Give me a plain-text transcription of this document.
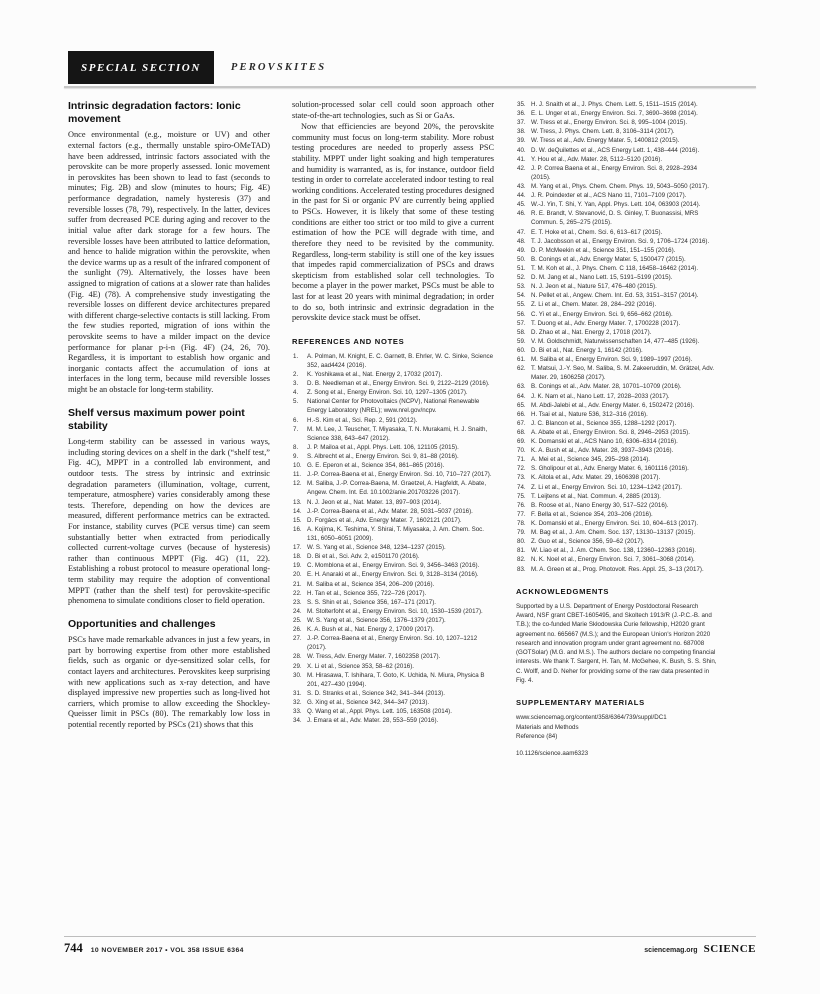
SPECIAL SECTION	PEROVSKITES
Intrinsic degradation factors: Ionic movement

Once environmental (e.g., moisture or UV) and other external factors (e.g., thermally unstable spiro-OMeTAD) have been addressed, intrinsic factors associated with the perovskite can be more properly assessed. Ionic movement in perovskites has been shown to lead to fast (seconds to minutes; Fig. 2B) and slow (minutes to hours; Fig. 4E) performance degradation, namely hysteresis (37) and reversible losses (78, 79), respectively. In the latter, devices suffer from decreased PCE during aging and recover to the initial value after dark storage for a few hours. The reversible losses have been attributed to lattice deformation, and hence to halide migration within the perovskite, when the device warms up as a result of the infrared component of the sunlight (79). Alternatively, the losses have been assigned to migration of cations at a slower rate than halides (Fig. 4E) (78). A comprehensive study investigating the reversible losses on different device architectures prepared with different charge-selective contacts is still lacking. From the few studies reported, migration of ions within the perovskite seems to have a milder impact on the device performance for planar p-i-n (Fig. 4F) (24, 26, 70). Regardless, it is important to establish how organic and inorganic contacts affect the accumulation of ions at interfaces in the long term, because mild reversible losses might be an obstacle for long-term stability.

Shelf versus maximum power point stability

Long-term stability can be assessed in various ways, including storing devices on a shelf in the dark (“shelf test,” Fig. 4C), MPPT in a controlled lab environment, and outdoor tests. The stress by intrinsic and extrinsic degradation parameters (illumination, voltage, current, temperature, atmosphere) varies considerably among these tests. Therefore, depending on how the devices are measured, different performance metrics can be extracted. For instance, stability curves (PCE versus time) can seem substantially better when extracted from periodically collected current-voltage curves (because of hysteresis) rather than continuous MPPT (Fig. 4G) (11, 22). Establishing a robust protocol to measure operational long-term stability may require the adoption of conventional MPPT (rather than the shelf test) for perovskite-specific phenomena to simulate conditions closer to field operation.

Opportunities and challenges

PSCs have made remarkable advances in just a few years, in part by borrowing expertise from other more established fields, such as organic or dye-sensitized solar cells, for contact layers and architectures. Perovskites keep surprising with new applications such as x-ray detection, and have displayed impressive new properties such as long-lived hot carriers, which promise to allow exceeding the Shockley-Queisser limit in PSCs (80). The remarkably low loss in potential recently reported by PSCs (21) shows that this

solution-processed solar cell could soon approach other state-of-the-art technologies, such as Si or GaAs.

Now that efficiencies are beyond 20%, the perovskite community must focus on long-term stability. More robust testing procedures are needed to properly assess PSC stability. MPPT under light soaking and high temperatures and humidity is warranted, as is, for instance, outdoor field testing in order to correlate accelerated indoor testing to real working conditions. Accelerated testing procedures designed in the past for Si or organic PV are currently being applied to PSCs. However, it is likely that some of these testing conditions are either too strict or too mild to give a current estimation of how the PCE will degrade with time, and therefore they need to be revisited by the community. Regardless, long-term stability is still one of the key issues that impedes rapid commercialization of PSCs and draws skepticism from established solar cell technologies. To become a player in the power market, PSCs must be able to last for at least 20 years with minimal degradation; in order to do so, both intrinsic and extrinsic degradation in the perovskite device stack must be offset.

REFERENCES AND NOTES
1. A. Polman, M. Knight, E. C. Garnett, B. Ehrler, W. C. Sinke, Science 352, aad4424 (2016).
2. K. Yoshikawa et al., Nat. Energy 2, 17032 (2017).
3. D. B. Needleman et al., Energy Environ. Sci. 9, 2122–2129 (2016).
4. Z. Song et al., Energy Environ. Sci. 10, 1297–1305 (2017).
5. National Center for Photovoltaics (NCPV), National Renewable Energy Laboratory (NREL); www.nrel.gov/ncpv.
6. H.-S. Kim et al., Sci. Rep. 2, 591 (2012).
7. M. M. Lee, J. Teuscher, T. Miyasaka, T. N. Murakami, H. J. Snaith, Science 338, 643–647 (2012).
8. J. P. Mailoa et al., Appl. Phys. Lett. 106, 121105 (2015).
9. S. Albrecht et al., Energy Environ. Sci. 9, 81–88 (2016).
10. G. E. Eperon et al., Science 354, 861–865 (2016).
11. J.-P. Correa-Baena et al., Energy Environ. Sci. 10, 710–727 (2017).
12. M. Saliba, J.-P. Correa-Baena, M. Graetzel, A. Hagfeldt, A. Abate, Angew. Chem. Int. Ed. 10.1002/anie.201703226 (2017).
13. N. J. Jeon et al., Nat. Mater. 13, 897–903 (2014).
14. J.-P. Correa-Baena et al., Adv. Mater. 28, 5031–5037 (2016).
15. D. Forgács et al., Adv. Energy Mater. 7, 1602121 (2017).
16. A. Kojima, K. Teshima, Y. Shirai, T. Miyasaka, J. Am. Chem. Soc. 131, 6050–6051 (2009).
17. W. S. Yang et al., Science 348, 1234–1237 (2015).
18. D. Bi et al., Sci. Adv. 2, e1501170 (2016).
19. C. Momblona et al., Energy Environ. Sci. 9, 3456–3463 (2016).
20. E. H. Anaraki et al., Energy Environ. Sci. 9, 3128–3134 (2016).
21. M. Saliba et al., Science 354, 206–209 (2016).
22. H. Tan et al., Science 355, 722–726 (2017).
23. S. S. Shin et al., Science 356, 167–171 (2017).
24. M. Stolterfoht et al., Energy Environ. Sci. 10, 1530–1539 (2017).
25. W. S. Yang et al., Science 356, 1376–1379 (2017).
26. K. A. Bush et al., Nat. Energy 2, 17009 (2017).
27. J.-P. Correa-Baena et al., Energy Environ. Sci. 10, 1207–1212 (2017).
28. W. Tress, Adv. Energy Mater. 7, 1602358 (2017).
29. X. Li et al., Science 353, 58–62 (2016).
30. M. Hirasawa, T. Ishihara, T. Goto, K. Uchida, N. Miura, Physica B 201, 427–430 (1994).
31. S. D. Stranks et al., Science 342, 341–344 (2013).
32. G. Xing et al., Science 342, 344–347 (2013).
33. Q. Wang et al., Appl. Phys. Lett. 105, 163508 (2014).
34. J. Emara et al., Adv. Mater. 28, 553–559 (2016).
35. H. J. Snaith et al., J. Phys. Chem. Lett. 5, 1511–1515 (2014).
36. E. L. Unger et al., Energy Environ. Sci. 7, 3690–3698 (2014).
37. W. Tress et al., Energy Environ. Sci. 8, 995–1004 (2015).
38. W. Tress, J. Phys. Chem. Lett. 8, 3106–3114 (2017).
39. W. Tress et al., Adv. Energy Mater. 5, 1400812 (2015).
40. D. W. deQuilettes et al., ACS Energy Lett. 1, 438–444 (2016).
41. Y. Hou et al., Adv. Mater. 28, 5112–5120 (2016).
42. J. P. Correa Baena et al., Energy Environ. Sci. 8, 2928–2934 (2015).
43. M. Yang et al., Phys. Chem. Chem. Phys. 19, 5043–5050 (2017).
44. J. R. Poindexter et al., ACS Nano 11, 7101–7109 (2017).
45. W.-J. Yin, T. Shi, Y. Yan, Appl. Phys. Lett. 104, 063903 (2014).
46. R. E. Brandt, V. Stevanović, D. S. Ginley, T. Buonassisi, MRS Commun. 5, 265–275 (2015).
47. E. T. Hoke et al., Chem. Sci. 6, 613–617 (2015).
48. T. J. Jacobsson et al., Energy Environ. Sci. 9, 1706–1724 (2016).
49. D. P. McMeekin et al., Science 351, 151–155 (2016).
50. B. Conings et al., Adv. Energy Mater. 5, 1500477 (2015).
51. T. M. Koh et al., J. Phys. Chem. C 118, 16458–16462 (2014).
52. D. M. Jang et al., Nano Lett. 15, 5191–5199 (2015).
53. N. J. Jeon et al., Nature 517, 476–480 (2015).
54. N. Pellet et al., Angew. Chem. Int. Ed. 53, 3151–3157 (2014).
55. Z. Li et al., Chem. Mater. 28, 284–292 (2016).
56. C. Yi et al., Energy Environ. Sci. 9, 656–662 (2016).
57. T. Duong et al., Adv. Energy Mater. 7, 1700228 (2017).
58. D. Zhao et al., Nat. Energy 2, 17018 (2017).
59. V. M. Goldschmidt, Naturwissenschaften 14, 477–485 (1926).
60. D. Bi et al., Nat. Energy 1, 16142 (2016).
61. M. Saliba et al., Energy Environ. Sci. 9, 1989–1997 (2016).
62. T. Matsui, J.-Y. Seo, M. Saliba, S. M. Zakeeruddin, M. Grätzel, Adv. Mater. 29, 1606258 (2017).
63. B. Conings et al., Adv. Mater. 28, 10701–10709 (2016).
64. J. K. Nam et al., Nano Lett. 17, 2028–2033 (2017).
65. M. Abdi-Jalebi et al., Adv. Energy Mater. 6, 1502472 (2016).
66. H. Tsai et al., Nature 536, 312–316 (2016).
67. J. C. Blancon et al., Science 355, 1288–1292 (2017).
68. A. Abate et al., Energy Environ. Sci. 8, 2946–2953 (2015).
69. K. Domanski et al., ACS Nano 10, 6306–6314 (2016).
70. K. A. Bush et al., Adv. Mater. 28, 3937–3943 (2016).
71. A. Mei et al., Science 345, 295–298 (2014).
72. S. Gholipour et al., Adv. Energy Mater. 6, 1601116 (2016).
73. K. Aitola et al., Adv. Mater. 29, 1606398 (2017).
74. Z. Li et al., Energy Environ. Sci. 10, 1234–1242 (2017).
75. T. Leijtens et al., Nat. Commun. 4, 2885 (2013).
76. B. Roose et al., Nano Energy 30, 517–522 (2016).
77. F. Bella et al., Science 354, 203–206 (2016).
78. K. Domanski et al., Energy Environ. Sci. 10, 604–613 (2017).
79. M. Bag et al., J. Am. Chem. Soc. 137, 13130–13137 (2015).
80. Z. Guo et al., Science 356, 59–62 (2017).
81. W. Liao et al., J. Am. Chem. Soc. 138, 12360–12363 (2016).
82. N. K. Noel et al., Energy Environ. Sci. 7, 3061–3068 (2014).
83. M. A. Green et al., Prog. Photovolt. Res. Appl. 25, 3–13 (2017).
ACKNOWLEDGMENTS

Supported by a U.S. Department of Energy Postdoctoral Research Award, NSF grant CBET-1605495, and Skoltech 1913/R (J.-P.C.-B. and T.B.); the co-funded Marie Skłodowska Curie fellowship, H2020 grant agreement no. 665667 (M.S.); and the European Union's Horizon 2020 research and innovation program under grant agreement no. 687008 (GOTSolar) (M.G. and M.S.). The authors declare no competing financial interests. We thank T. Sargent, H. Tan, M. McGehee, K. Bush, S. S. Shin, C. Wolff, and D. Neher for providing some of the raw data presented in Fig. 4.

SUPPLEMENTARY MATERIALS
www.sciencemag.org/content/358/6364/739/suppl/DC1
Materials and Methods
Reference (84)
10.1126/science.aam6323
744 10 NOVEMBER 2017 • VOL 358 ISSUE 6364	sciencemag.org SCIENCE
